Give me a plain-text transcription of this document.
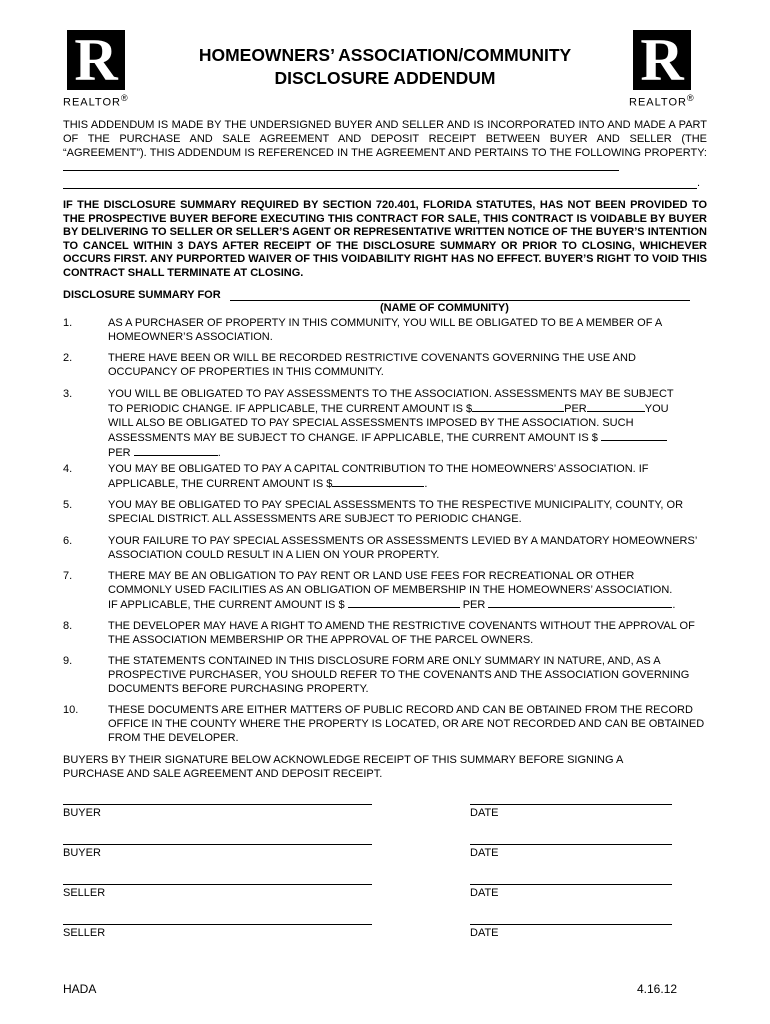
R
REALTOR®
R
REALTOR®
HOMEOWNERS’ ASSOCIATION/COMMUNITY
DISCLOSURE ADDENDUM
THIS ADDENDUM IS MADE BY THE UNDERSIGNED BUYER AND SELLER AND IS INCORPORATED INTO AND MADE A PART OF THE PURCHASE AND SALE AGREEMENT AND DEPOSIT RECEIPT BETWEEN BUYER AND SELLER (THE “AGREEMENT”). THIS ADDENDUM IS REFERENCED IN THE AGREEMENT AND PERTAINS TO THE FOLLOWING PROPERTY:
.
IF THE DISCLOSURE SUMMARY REQUIRED BY SECTION 720.401, FLORIDA STATUTES, HAS NOT BEEN PROVIDED TO THE PROSPECTIVE BUYER BEFORE EXECUTING THIS CONTRACT FOR SALE, THIS CONTRACT IS VOIDABLE BY BUYER BY DELIVERING TO SELLER OR SELLER’S AGENT OR REPRESENTATIVE WRITTEN NOTICE OF THE BUYER’S INTENTION TO CANCEL WITHIN 3 DAYS AFTER RECEIPT OF THE DISCLOSURE SUMMARY OR PRIOR TO CLOSING, WHICHEVER OCCURS FIRST. ANY PURPORTED WAIVER OF THIS VOIDABILITY RIGHT HAS NO EFFECT. BUYER’S RIGHT TO VOID THIS CONTRACT SHALL TERMINATE AT CLOSING.
DISCLOSURE SUMMARY FOR
(NAME OF COMMUNITY)
1.	AS A PURCHASER OF PROPERTY IN THIS COMMUNITY, YOU WILL BE OBLIGATED TO BE A MEMBER OF A HOMEOWNER’S ASSOCIATION.
2.	THERE HAVE BEEN OR WILL BE RECORDED RESTRICTIVE COVENANTS GOVERNING THE USE AND OCCUPANCY OF PROPERTIES IN THIS COMMUNITY.
3.	YOU WILL BE OBLIGATED TO PAY ASSESSMENTS TO THE ASSOCIATION. ASSESSMENTS MAY BE SUBJECT
TO PERIODIC CHANGE. IF APPLICABLE, THE CURRENT AMOUNT IS $	PER	YOU
WILL ALSO BE OBLIGATED TO PAY SPECIAL ASSESSMENTS IMPOSED BY THE ASSOCIATION. SUCH
ASSESSMENTS MAY BE SUBJECT TO CHANGE. IF APPLICABLE, THE CURRENT AMOUNT IS $
PER	.
4.	YOU MAY BE OBLIGATED TO PAY A CAPITAL CONTRIBUTION TO THE HOMEOWNERS’ ASSOCIATION. IF
APPLICABLE, THE CURRENT AMOUNT IS $	.
5.	YOU MAY BE OBLIGATED TO PAY SPECIAL ASSESSMENTS TO THE RESPECTIVE MUNICIPALITY, COUNTY, OR SPECIAL DISTRICT. ALL ASSESSMENTS ARE SUBJECT TO PERIODIC CHANGE.
6.	YOUR FAILURE TO PAY SPECIAL ASSESSMENTS OR ASSESSMENTS LEVIED BY A MANDATORY HOMEOWNERS’ ASSOCIATION COULD RESULT IN A LIEN ON YOUR PROPERTY.
7.	THERE MAY BE AN OBLIGATION TO PAY RENT OR LAND USE FEES FOR RECREATIONAL OR OTHER
COMMONLY USED FACILITIES AS AN OBLIGATION OF MEMBERSHIP IN THE HOMEOWNERS’ ASSOCIATION.
IF APPLICABLE, THE CURRENT AMOUNT IS $	PER	.
8.	THE DEVELOPER MAY HAVE A RIGHT TO AMEND THE RESTRICTIVE COVENANTS WITHOUT THE APPROVAL OF THE ASSOCIATION MEMBERSHIP OR THE APPROVAL OF THE PARCEL OWNERS.
9.	THE STATEMENTS CONTAINED IN THIS DISCLOSURE FORM ARE ONLY SUMMARY IN NATURE, AND, AS A PROSPECTIVE PURCHASER, YOU SHOULD REFER TO THE COVENANTS AND THE ASSOCIATION GOVERNING DOCUMENTS BEFORE PURCHASING PROPERTY.
10.	THESE DOCUMENTS ARE EITHER MATTERS OF PUBLIC RECORD AND CAN BE OBTAINED FROM THE RECORD OFFICE IN THE COUNTY WHERE THE PROPERTY IS LOCATED, OR ARE NOT RECORDED AND CAN BE OBTAINED FROM THE DEVELOPER.
BUYERS BY THEIR SIGNATURE BELOW ACKNOWLEDGE RECEIPT OF THIS SUMMARY BEFORE SIGNING A PURCHASE AND SALE AGREEMENT AND DEPOSIT RECEIPT.
BUYER	DATE
BUYER	DATE
SELLER	DATE
SELLER	DATE
HADA	4.16.12
